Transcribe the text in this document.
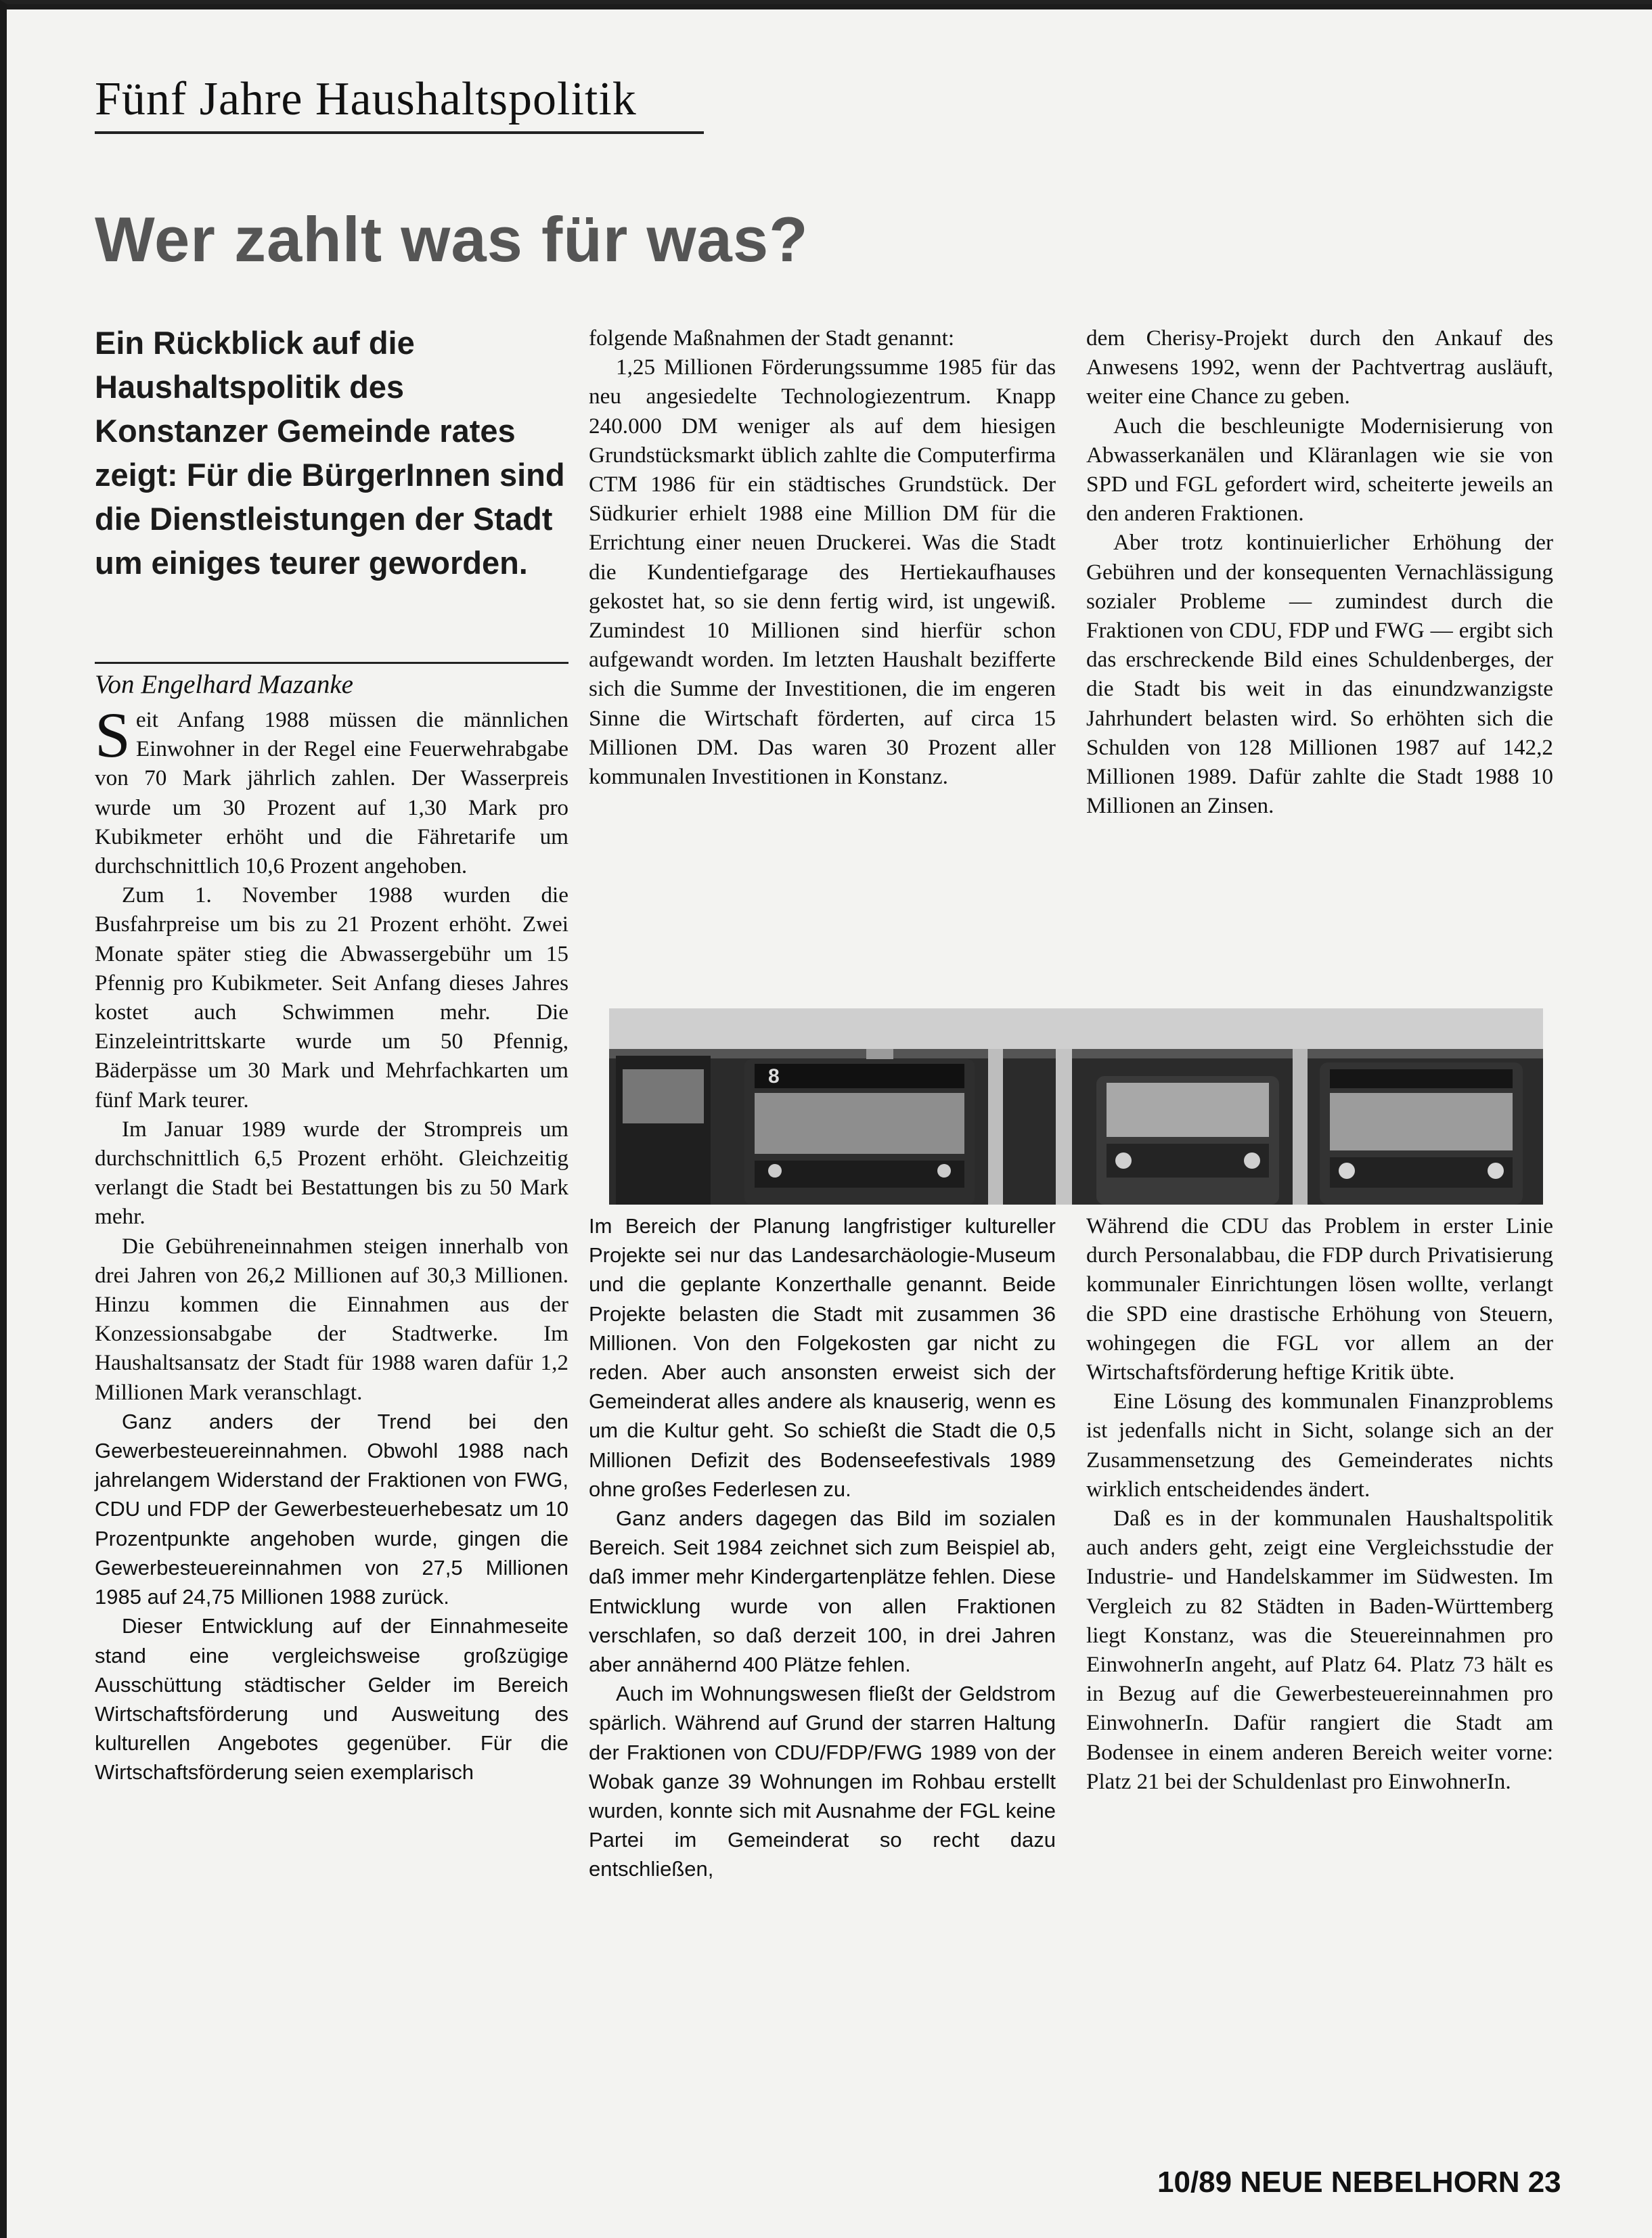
Fünf Jahre Haushaltspolitik
Wer zahlt was für was?
Ein Rückblick auf die Haushaltspolitik des Konstanzer Gemeinde rates zeigt: Für die BürgerInnen sind die Dienstleistungen der Stadt um einiges teurer geworden.
Von Engelhard Mazanke

Seit Anfang 1988 müssen die männlichen Einwohner in der Regel eine Feuerwehrabgabe von 70 Mark jährlich zahlen. Der Wasserpreis wurde um 30 Prozent auf 1,30 Mark pro Kubikmeter erhöht und die Fähretarife um durchschnittlich 10,6 Prozent angehoben.

Zum 1. November 1988 wurden die Busfahrpreise um bis zu 21 Prozent erhöht. Zwei Monate später stieg die Abwassergebühr um 15 Pfennig pro Kubikmeter. Seit Anfang dieses Jahres kostet auch Schwimmen mehr. Die Einzeleintrittskarte wurde um 50 Pfennig, Bäderpässe um 30 Mark und Mehrfachkarten um fünf Mark teurer.

Im Januar 1989 wurde der Strompreis um durchschnittlich 6,5 Prozent erhöht. Gleichzeitig verlangt die Stadt bei Bestattungen bis zu 50 Mark mehr.

Die Gebühreneinnahmen steigen innerhalb von drei Jahren von 26,2 Millionen auf 30,3 Millionen. Hinzu kommen die Einnahmen aus der Konzessionsabgabe der Stadtwerke. Im Haushaltsansatz der Stadt für 1988 waren dafür 1,2 Millionen Mark veranschlagt.

Ganz anders der Trend bei den Gewerbesteuereinnahmen. Obwohl 1988 nach jahrelangem Widerstand der Fraktionen von FWG, CDU und FDP der Gewerbesteuerhebesatz um 10 Prozentpunkte angehoben wurde, gingen die Gewerbesteuereinnahmen von 27,5 Millionen 1985 auf 24,75 Millionen 1988 zurück.

Dieser Entwicklung auf der Einnahmeseite stand eine vergleichsweise großzügige Ausschüttung städtischer Gelder im Bereich Wirtschaftsförderung und Ausweitung des kulturellen Angebotes gegenüber. Für die Wirtschaftsförderung seien exemplarisch

folgende Maßnahmen der Stadt genannt:

1,25 Millionen Förderungssumme 1985 für das neu angesiedelte Technologiezentrum. Knapp 240.000 DM weniger als auf dem hiesigen Grundstücksmarkt üblich zahlte die Computerfirma CTM 1986 für ein städtisches Grundstück. Der Südkurier erhielt 1988 eine Million DM für die Errichtung einer neuen Druckerei. Was die Stadt die Kundentiefgarage des Hertiekaufhauses gekostet hat, so sie denn fertig wird, ist ungewiß. Zumindest 10 Millionen sind hierfür schon aufgewandt worden. Im letzten Haushalt bezifferte sich die Summe der Investitionen, die im engeren Sinne die Wirtschaft förderten, auf circa 15 Millionen DM. Das waren 30 Prozent aller kommunalen Investitionen in Konstanz.

dem Cherisy-Projekt durch den Ankauf des Anwesens 1992, wenn der Pachtvertrag ausläuft, weiter eine Chance zu geben.

Auch die beschleunigte Modernisierung von Abwasserkanälen und Kläranlagen wie sie von SPD und FGL gefordert wird, scheiterte jeweils an den anderen Fraktionen.

Aber trotz kontinuierlicher Erhöhung der Gebühren und der konsequenten Vernachlässigung sozialer Probleme — zumindest durch die Fraktionen von CDU, FDP und FWG — ergibt sich das erschreckende Bild eines Schuldenberges, der die Stadt bis weit in das einundzwanzigste Jahrhundert belasten wird. So erhöhten sich die Schulden von 128 Millionen 1987 auf 142,2 Millionen 1989. Dafür zahlte die Stadt 1988 10 Millionen an Zinsen.

8

Im Bereich der Planung langfristiger kultureller Projekte sei nur das Landesarchäologie-Museum und die geplante Konzerthalle genannt. Beide Projekte belasten die Stadt mit zusammen 36 Millionen. Von den Folgekosten gar nicht zu reden. Aber auch ansonsten erweist sich der Gemeinderat alles andere als knauserig, wenn es um die Kultur geht. So schießt die Stadt die 0,5 Millionen Defizit des Bodenseefestivals 1989 ohne großes Federlesen zu.

Ganz anders dagegen das Bild im sozialen Bereich. Seit 1984 zeichnet sich zum Beispiel ab, daß immer mehr Kindergartenplätze fehlen. Diese Entwicklung wurde von allen Fraktionen verschlafen, so daß derzeit 100, in drei Jahren aber annähernd 400 Plätze fehlen.

Auch im Wohnungswesen fließt der Geldstrom spärlich. Während auf Grund der starren Haltung der Fraktionen von CDU/FDP/FWG 1989 von der Wobak ganze 39 Wohnungen im Rohbau erstellt wurden, konnte sich mit Ausnahme der FGL keine Partei im Gemeinderat so recht dazu entschließen,

Während die CDU das Problem in erster Linie durch Personalabbau, die FDP durch Privatisierung kommunaler Einrichtungen lösen wollte, verlangt die SPD eine drastische Erhöhung von Steuern, wohingegen die FGL vor allem an der Wirtschaftsförderung heftige Kritik übte.

Eine Lösung des kommunalen Finanzproblems ist jedenfalls nicht in Sicht, solange sich an der Zusammensetzung des Gemeinderates nichts wirklich entscheidendes ändert.

Daß es in der kommunalen Haushaltspolitik auch anders geht, zeigt eine Vergleichsstudie der Industrie- und Handelskammer im Südwesten. Im Vergleich zu 82 Städten in Baden-Württemberg liegt Konstanz, was die Steuereinnahmen pro EinwohnerIn angeht, auf Platz 64. Platz 73 hält es in Bezug auf die Gewerbesteuereinnahmen pro EinwohnerIn. Dafür rangiert die Stadt am Bodensee in einem anderen Bereich weiter vorne: Platz 21 bei der Schuldenlast pro EinwohnerIn.

10/89 NEUE NEBELHORN 23
